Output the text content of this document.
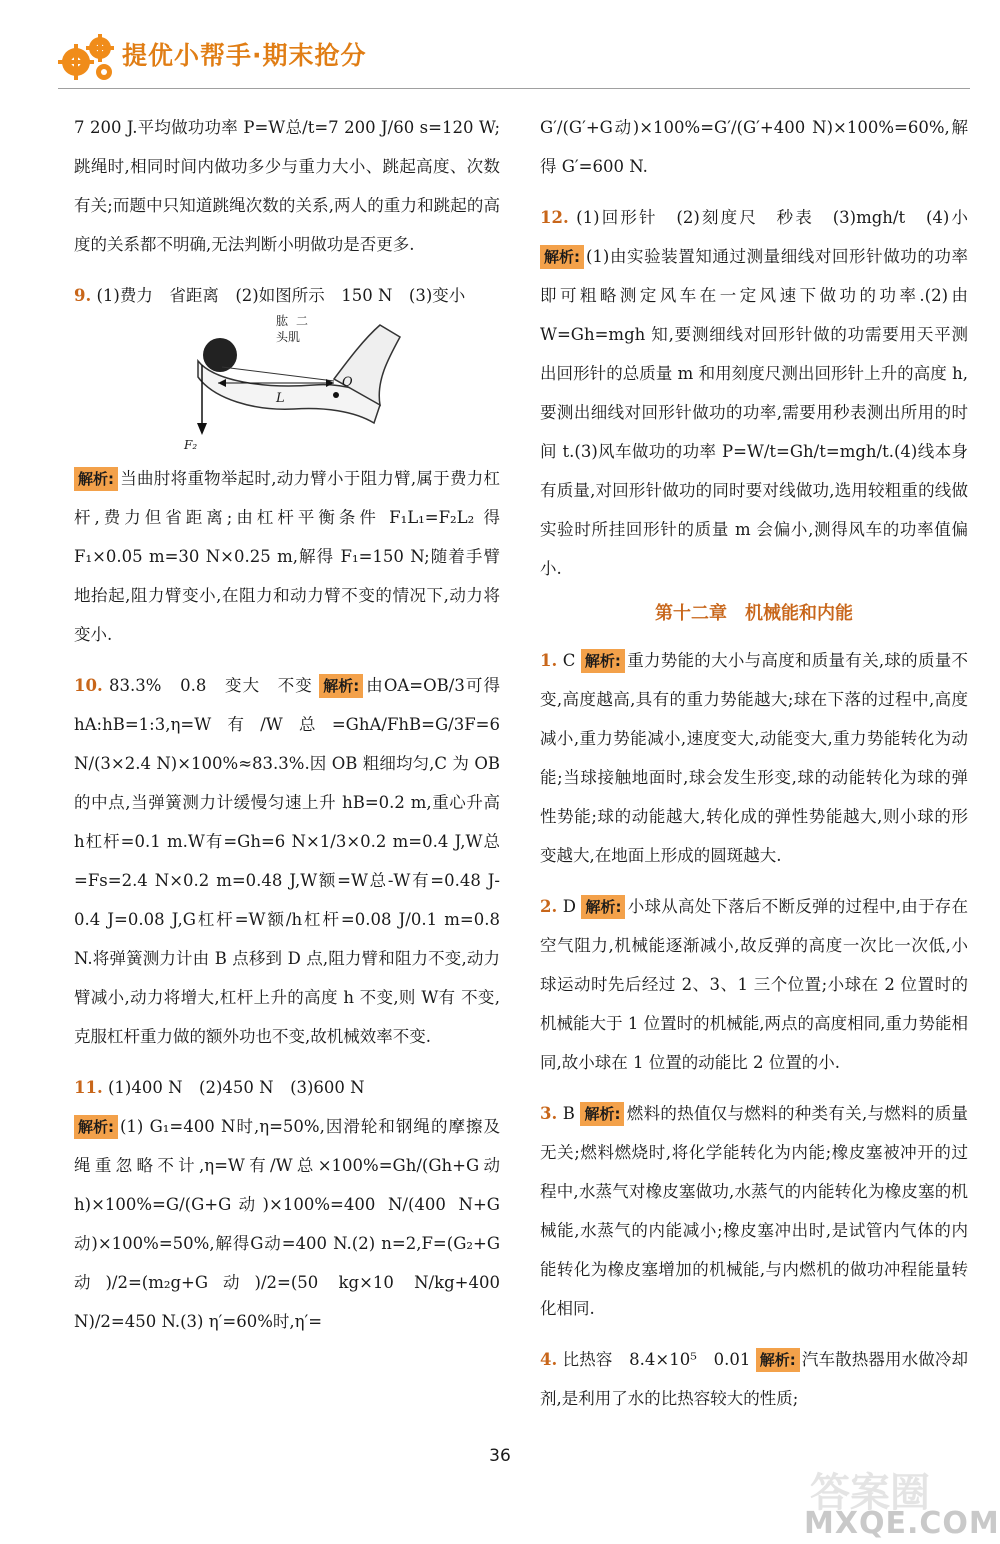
提优小帮手·期末抢分

7 200 J.平均做功功率 P=W总/t=7 200 J/60 s=120 W;跳绳时,相同时间内做功多少与重力大小、跳起高度、次数有关;而题中只知道跳绳次数的关系,两人的重力和跳起的高度的关系都不明确,无法判断小明做功是否更多.

9. (1)费力　省距离　(2)如图所示　150 N　(3)变小

肱二头肌
O
L
F₂

解析: 当曲肘将重物举起时,动力臂小于阻力臂,属于费力杠杆,费力但省距离;由杠杆平衡条件 F₁L₁=F₂L₂ 得 F₁×0.05 m=30 N×0.25 m,解得 F₁=150 N;随着手臂地抬起,阻力臂变小,在阻力和动力臂不变的情况下,动力将变小.

10. 83.3%　0.8　变大　不变 解析: 由OA=OB/3可得 hA:hB=1:3,η=W有/W总=GhA/FhB=G/3F=6 N/(3×2.4 N)×100%≈83.3%.因 OB 粗细均匀,C 为 OB 的中点,当弹簧测力计缓慢匀速上升 hB=0.2 m,重心升高 h杠杆=0.1 m.W有=Gh=6 N×1/3×0.2 m=0.4 J,W总=Fs=2.4 N×0.2 m=0.48 J,W额=W总-W有=0.48 J-0.4 J=0.08 J,G杠杆=W额/h杠杆=0.08 J/0.1 m=0.8 N.将弹簧测力计由 B 点移到 D 点,阻力臂和阻力不变,动力臂减小,动力将增大,杠杆上升的高度 h 不变,则 W有 不变,克服杠杆重力做的额外功也不变,故机械效率不变.

11. (1)400 N　(2)450 N　(3)600 N

解析: (1) G₁=400 N时,η=50%,因滑轮和钢绳的摩擦及绳重忽略不计,η=W有/W总×100%=Gh/(Gh+G动h)×100%=G/(G+G动)×100%=400 N/(400 N+G动)×100%=50%,解得G动=400 N.(2) n=2,F=(G₂+G动)/2=(m₂g+G动)/2=(50 kg×10 N/kg+400 N)/2=450 N.(3) η′=60%时,η′=

G′/(G′+G动)×100%=G′/(G′+400 N)×100%=60%,解得 G′=600 N.

12. (1)回形针　(2)刻度尺　秒表　(3)mgh/t　(4)小 解析: (1)由实验装置知通过测量细线对回形针做功的功率即可粗略测定风车在一定风速下做功的功率.(2)由 W=Gh=mgh 知,要测细线对回形针做的功需要用天平测出回形针的总质量 m 和用刻度尺测出回形针上升的高度 h,要测出细线对回形针做功的功率,需要用秒表测出所用的时间 t.(3)风车做功的功率 P=W/t=Gh/t=mgh/t.(4)线本身有质量,对回形针做功的同时要对线做功,选用较粗重的线做实验时所挂回形针的质量 m 会偏小,测得风车的功率值偏小.

第十二章　机械能和内能

1. C 解析: 重力势能的大小与高度和质量有关,球的质量不变,高度越高,具有的重力势能越大;球在下落的过程中,高度减小,重力势能减小,速度变大,动能变大,重力势能转化为动能;当球接触地面时,球会发生形变,球的动能转化为球的弹性势能;球的动能越大,转化成的弹性势能越大,则小球的形变越大,在地面上形成的圆斑越大.

2. D 解析: 小球从高处下落后不断反弹的过程中,由于存在空气阻力,机械能逐渐减小,故反弹的高度一次比一次低,小球运动时先后经过 2、3、1 三个位置;小球在 2 位置时的机械能大于 1 位置时的机械能,两点的高度相同,重力势能相同,故小球在 1 位置的动能比 2 位置的小.

3. B 解析: 燃料的热值仅与燃料的种类有关,与燃料的质量无关;燃料燃烧时,将化学能转化为内能;橡皮塞被冲开的过程中,水蒸气对橡皮塞做功,水蒸气的内能转化为橡皮塞的机械能,水蒸气的内能减小;橡皮塞冲出时,是试管内气体的内能转化为橡皮塞增加的机械能,与内燃机的做功冲程能量转化相同.

4. 比热容　8.4×10⁵　0.01 解析: 汽车散热器用水做冷却剂,是利用了水的比热容较大的性质;

36
答案圈
MXQE.COM
